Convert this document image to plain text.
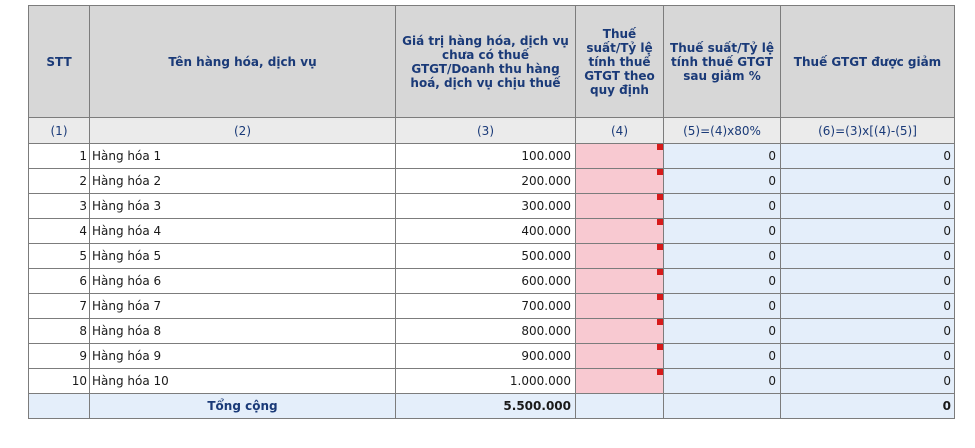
STT	Tên hàng hóa, dịch vụ	Giá trị hàng hóa, dịch vụ chưa có thuế GTGT/Doanh thu hàng hoá, dịch vụ chịu thuế	Thuế suất/Tỷ lệ tính thuế GTGT theo quy định	Thuế suất/Tỷ lệ tính thuế GTGT sau giảm %	Thuế GTGT được giảm
(1)	(2)	(3)	(4)	(5)=(4)x80%	(6)=(3)x[(4)-(5)]
1	Hàng hóa 1	100.000		0	0
2	Hàng hóa 2	200.000		0	0
3	Hàng hóa 3	300.000		0	0
4	Hàng hóa 4	400.000		0	0
5	Hàng hóa 5	500.000		0	0
6	Hàng hóa 6	600.000		0	0
7	Hàng hóa 7	700.000		0	0
8	Hàng hóa 8	800.000		0	0
9	Hàng hóa 9	900.000		0	0
10	Hàng hóa 10	1.000.000		0	0
	Tổng cộng	5.500.000			0
